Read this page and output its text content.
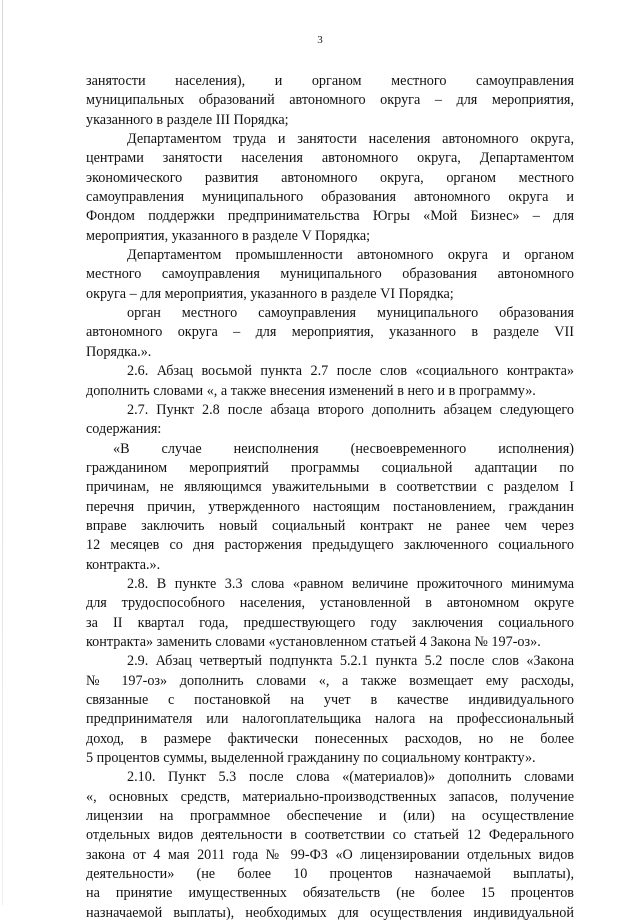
3
занятости населения), и органом местного самоуправления
муниципальных образований автономного округа – для мероприятия,
указанного в разделе III Порядка;
Департаментом труда и занятости населения автономного округа,
центрами занятости населения автономного округа, Департаментом
экономического развития автономного округа, органом местного
самоуправления муниципального образования автономного округа и
Фондом поддержки предпринимательства Югры «Мой Бизнес» – для
мероприятия, указанного в разделе V Порядка;
Департаментом промышленности автономного округа и органом
местного самоуправления муниципального образования автономного
округа – для мероприятия, указанного в разделе VI Порядка;
орган местного самоуправления муниципального образования
автономного округа – для мероприятия, указанного в разделе VII
Порядка.».
2.6. Абзац восьмой пункта 2.7 после слов «социального контракта»
дополнить словами «, а также внесения изменений в него и в программу».
2.7. Пункт 2.8 после абзаца второго дополнить абзацем следующего
содержания:
«В случае неисполнения (несвоевременного исполнения)
гражданином мероприятий программы социальной адаптации по
причинам, не являющимся уважительными в соответствии с разделом I
перечня причин, утвержденного настоящим постановлением, гражданин
вправе заключить новый социальный контракт не ранее чем через
12 месяцев со дня расторжения предыдущего заключенного социального
контракта.».
2.8. В пункте 3.3 слова «равном величине прожиточного минимума
для трудоспособного населения, установленной в автономном округе
за II квартал года, предшествующего году заключения социального
контракта» заменить словами «установленном статьей 4 Закона № 197-оз».
2.9. Абзац четвертый подпункта 5.2.1 пункта 5.2 после слов «Закона
№ 197-оз» дополнить словами «, а также возмещает ему расходы,
связанные с постановкой на учет в качестве индивидуального
предпринимателя или налогоплательщика налога на профессиональный
доход, в размере фактически понесенных расходов, но не более
5 процентов суммы, выделенной гражданину по социальному контракту».
2.10. Пункт 5.3 после слова «(материалов)» дополнить словами
«, основных средств, материально-производственных запасов, получение
лицензии на программное обеспечение и (или) на осуществление
отдельных видов деятельности в соответствии со статьей 12 Федерального
закона от 4 мая 2011 года № 99-ФЗ «О лицензировании отдельных видов
деятельности» (не более 10 процентов назначаемой выплаты),
на принятие имущественных обязательств (не более 15 процентов
назначаемой выплаты), необходимых для осуществления индивидуальной
